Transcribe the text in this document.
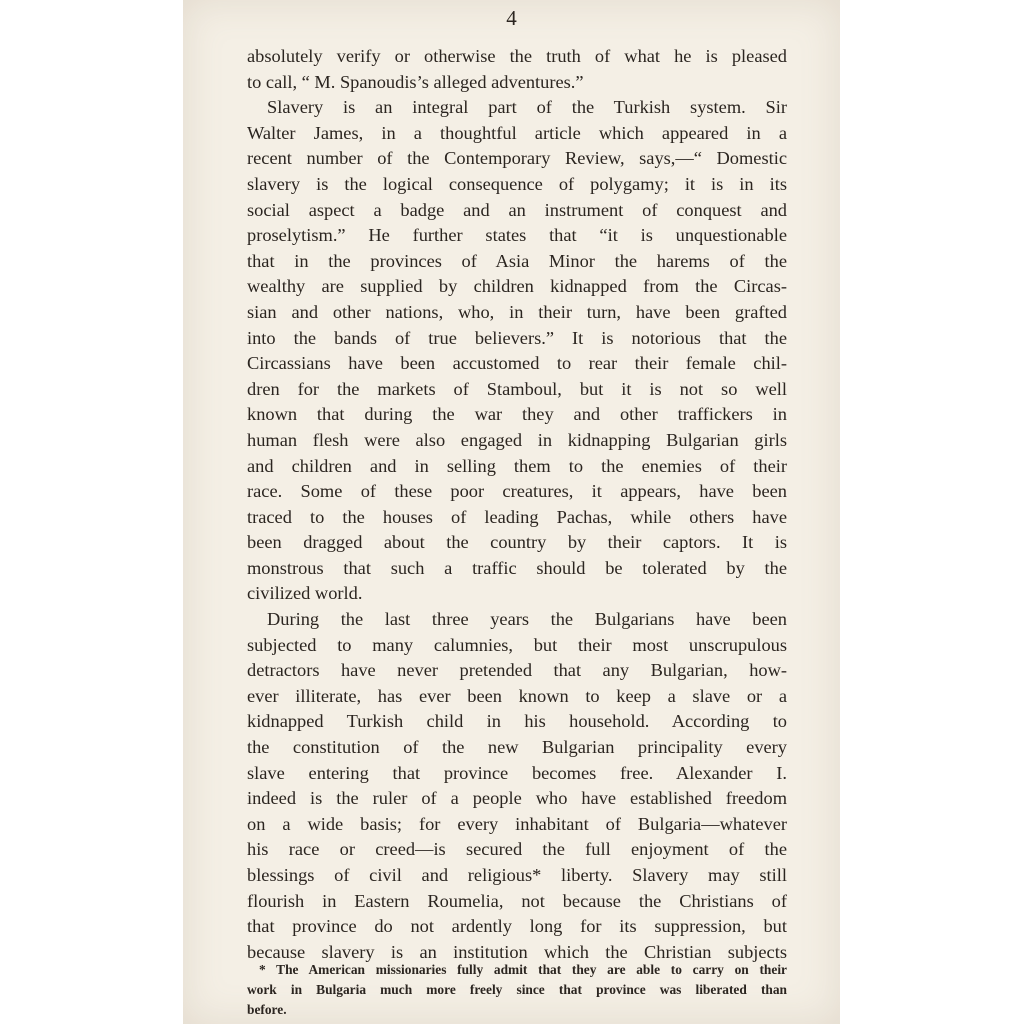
4
absolutely verify or otherwise the truth of what he is pleased
to call, “ M. Spanoudis’s alleged adventures.”
Slavery is an integral part of the Turkish system. Sir
Walter James, in a thoughtful article which appeared in a
recent number of the Contemporary Review, says,—“ Domestic
slavery is the logical consequence of polygamy; it is in its
social aspect a badge and an instrument of conquest and
proselytism.” He further states that “it is unquestionable
that in the provinces of Asia Minor the harems of the
wealthy are supplied by children kidnapped from the Circas-
sian and other nations, who, in their turn, have been grafted
into the bands of true believers.” It is notorious that the
Circassians have been accustomed to rear their female chil-
dren for the markets of Stamboul, but it is not so well
known that during the war they and other traffickers in
human flesh were also engaged in kidnapping Bulgarian girls
and children and in selling them to the enemies of their
race. Some of these poor creatures, it appears, have been
traced to the houses of leading Pachas, while others have
been dragged about the country by their captors. It is
monstrous that such a traffic should be tolerated by the
civilized world.
During the last three years the Bulgarians have been
subjected to many calumnies, but their most unscrupulous
detractors have never pretended that any Bulgarian, how-
ever illiterate, has ever been known to keep a slave or a
kidnapped Turkish child in his household. According to
the constitution of the new Bulgarian principality every
slave entering that province becomes free. Alexander I.
indeed is the ruler of a people who have established freedom
on a wide basis; for every inhabitant of Bulgaria—whatever
his race or creed—is secured the full enjoyment of the
blessings of civil and religious* liberty. Slavery may still
flourish in Eastern Roumelia, not because the Christians of
that province do not ardently long for its suppression, but
because slavery is an institution which the Christian subjects
* The American missionaries fully admit that they are able to carry on their
work in Bulgaria much more freely since that province was liberated than
before.
